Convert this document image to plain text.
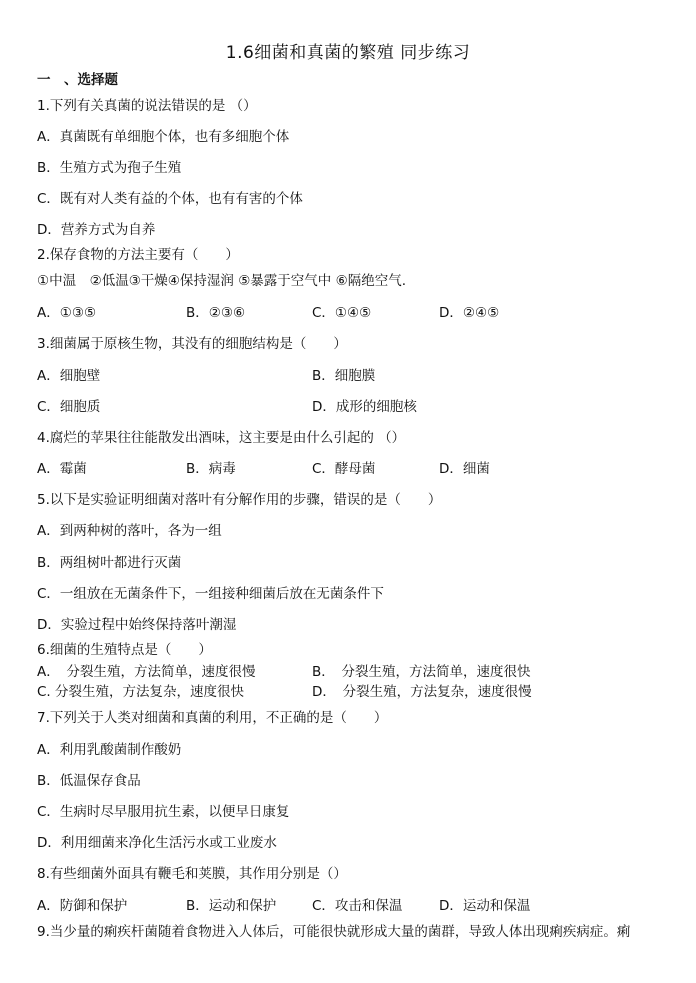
1.6细菌和真菌的繁殖 同步练习
一　、选择题
1.下列有关真菌的说法错误的是 （）
A．真菌既有单细胞个体，也有多细胞个体
B．生殖方式为孢子生殖
C．既有对人类有益的个体，也有有害的个体
D．营养方式为自养
2.保存食物的方法主要有（　　）
①中温　②低温③干燥④保持湿润 ⑤暴露于空气中 ⑥隔绝空气.
A．①③⑤	B．②③⑥	C．①④⑤	D．②④⑤
3.细菌属于原核生物，其没有的细胞结构是（　　）
A．细胞壁	B．细胞膜
C．细胞质	D．成形的细胞核
4.腐烂的苹果往往能散发出酒味，这主要是由什么引起的 （）
A．霉菌	B．病毒	C．酵母菌	D．细菌
5.以下是实验证明细菌对落叶有分解作用的步骤，错误的是（　　）
A．到两种树的落叶，各为一组
B．两组树叶都进行灭菌
C．一组放在无菌条件下，一组接种细菌后放在无菌条件下
D．实验过程中始终保持落叶潮湿
6.细菌的生殖特点是（　　）
A．　分裂生殖，方法简单，速度很慢	B．　分裂生殖，方法简单，速度很快
C. 分裂生殖，方法复杂，速度很快	D．　分裂生殖，方法复杂，速度很慢
7.下列关于人类对细菌和真菌的利用，不正确的是（　　）
A．利用乳酸菌制作酸奶
B．低温保存食品
C．生病时尽早服用抗生素，以便早日康复
D．利用细菌来净化生活污水或工业废水
8.有些细菌外面具有鞭毛和荚膜，其作用分别是（）
A．防御和保护	B．运动和保护	C．攻击和保温	D．运动和保温
9.当少量的痢疾杆菌随着食物进入人体后，可能很快就形成大量的菌群，导致人体出现痢疾病症。痢
